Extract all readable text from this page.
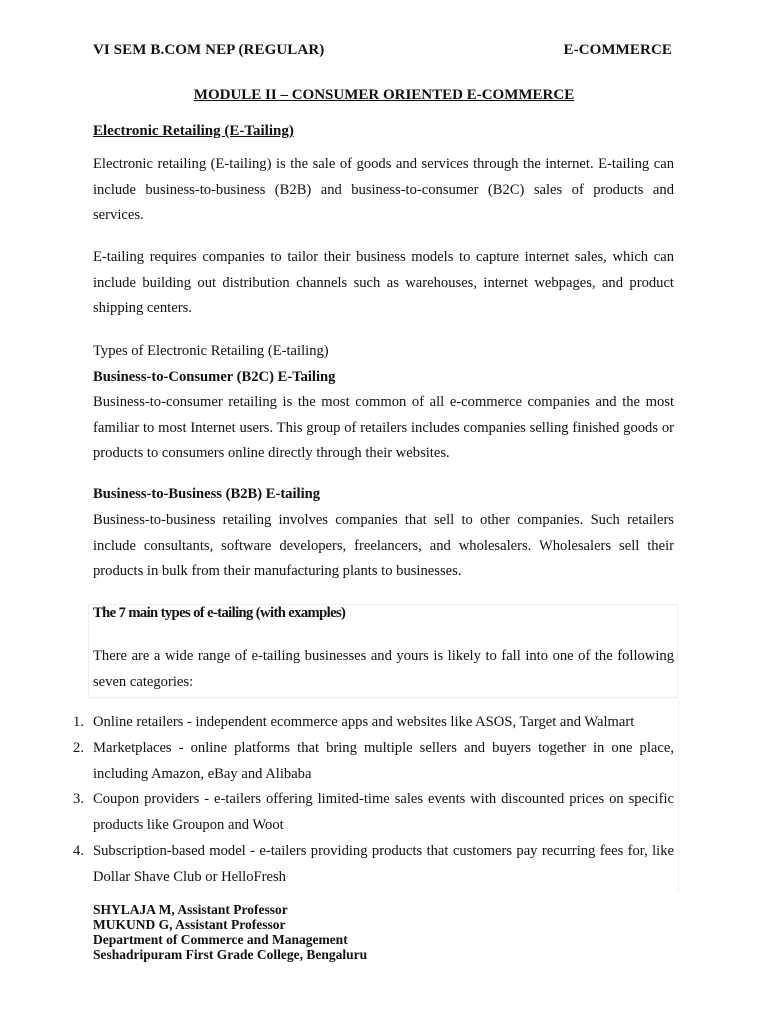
VI SEM B.COM NEP (REGULAR)	E-COMMERCE
MODULE II – CONSUMER ORIENTED E-COMMERCE
Electronic Retailing (E-Tailing)

Electronic retailing (E-tailing) is the sale of goods and services through the internet. E-tailing can include business-to-business (B2B) and business-to-consumer (B2C) sales of products and services.

E-tailing requires companies to tailor their business models to capture internet sales, which can include building out distribution channels such as warehouses, internet webpages, and product shipping centers.

Types of Electronic Retailing (E-tailing)
Business-to-Consumer (B2C) E-Tailing

Business-to-consumer retailing is the most common of all e-commerce companies and the most familiar to most Internet users. This group of retailers includes companies selling finished goods or products to consumers online directly through their websites.

Business-to-Business (B2B) E-tailing

Business-to-business retailing involves companies that sell to other companies. Such retailers include consultants, software developers, freelancers, and wholesalers. Wholesalers sell their products in bulk from their manufacturing plants to businesses.

The 7 main types of e-tailing (with examples)

There are a wide range of e-tailing businesses and yours is likely to fall into one of the following seven categories:

1. Online retailers - independent ecommerce apps and websites like ASOS, Target and Walmart
2. Marketplaces - online platforms that bring multiple sellers and buyers together in one place, including Amazon, eBay and Alibaba
3. Coupon providers - e-tailers offering limited-time sales events with discounted prices on specific products like Groupon and Woot
4. Subscription-based model - e-tailers providing products that customers pay recurring fees for, like Dollar Shave Club or HelloFresh
SHYLAJA M, Assistant Professor
MUKUND G, Assistant Professor
Department of Commerce and Management
Seshadripuram First Grade College, Bengaluru
